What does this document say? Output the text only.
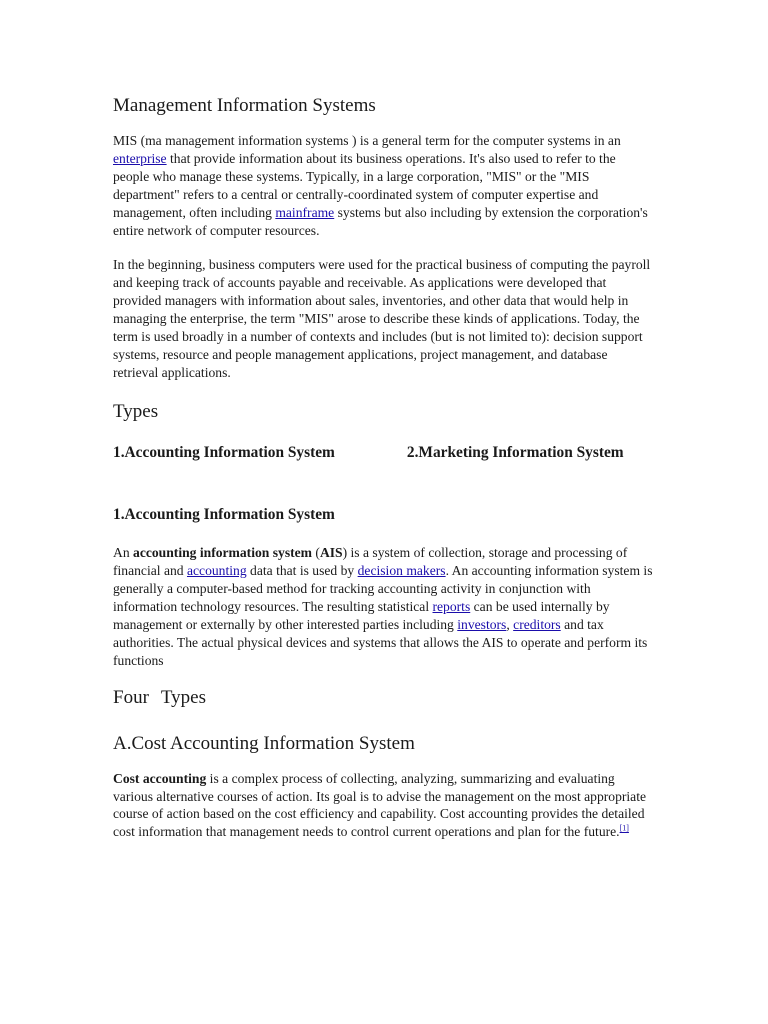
Management Information Systems

MIS (ma management information systems ) is a general term for the computer systems in an enterprise that provide information about its business operations. It's also used to refer to the people who manage these systems. Typically, in a large corporation, "MIS" or the "MIS department" refers to a central or centrally-coordinated system of computer expertise and management, often including mainframe systems but also including by extension the corporation's entire network of computer resources.

In the beginning, business computers were used for the practical business of computing the payroll and keeping track of accounts payable and receivable. As applications were developed that provided managers with information about sales, inventories, and other data that would help in managing the enterprise, the term "MIS" arose to describe these kinds of applications. Today, the term is used broadly in a number of contexts and includes (but is not limited to): decision support systems, resource and people management applications, project management, and database retrieval applications.

Types
1.Accounting Information System	2.Marketing Information System
1.Accounting Information System

An accounting information system (AIS) is a system of collection, storage and processing of financial and accounting data that is used by decision makers. An accounting information system is generally a computer-based method for tracking accounting activity in conjunction with information technology resources. The resulting statistical reports can be used internally by management or externally by other interested parties including investors, creditors and tax authorities. The actual physical devices and systems that allows the AIS to operate and perform its functions

Four Types
A.Cost Accounting Information System

Cost accounting is a complex process of collecting, analyzing, summarizing and evaluating various alternative courses of action. Its goal is to advise the management on the most appropriate course of action based on the cost efficiency and capability. Cost accounting provides the detailed cost information that management needs to control current operations and plan for the future.[1]
